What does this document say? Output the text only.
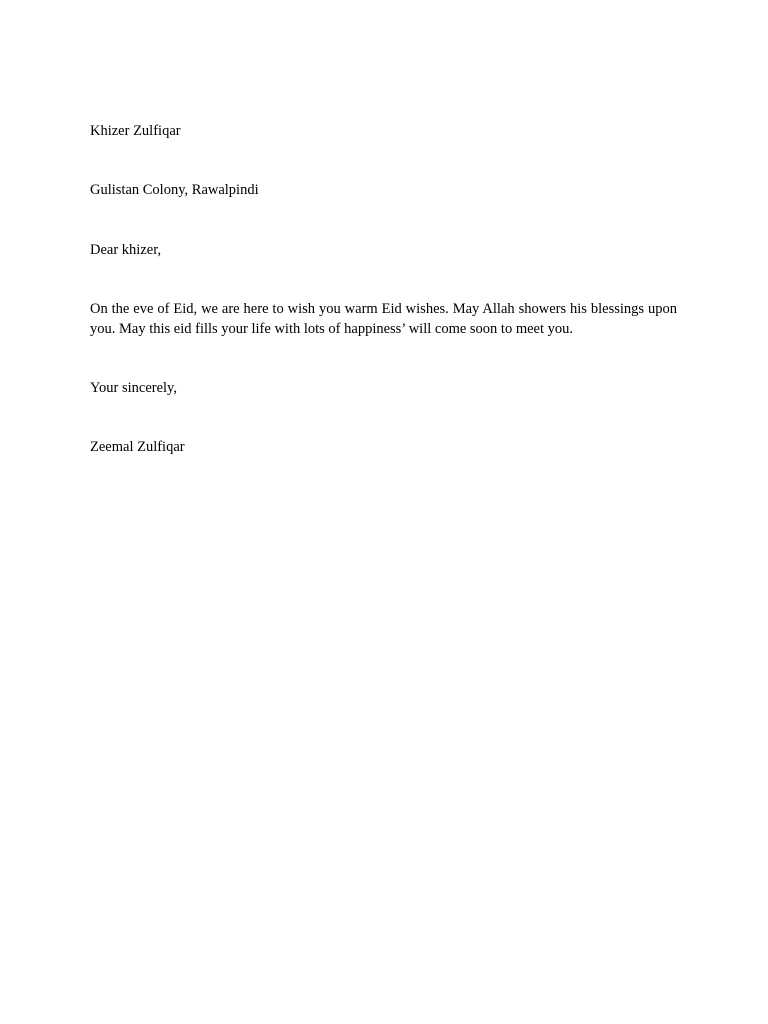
Khizer Zulfiqar
Gulistan Colony, Rawalpindi
Dear khizer,
On the eve of Eid, we are here to wish you warm Eid wishes. May Allah showers his blessings upon you. May this eid fills your life with lots of happiness’ will come soon to meet you.
Your sincerely,
Zeemal Zulfiqar
